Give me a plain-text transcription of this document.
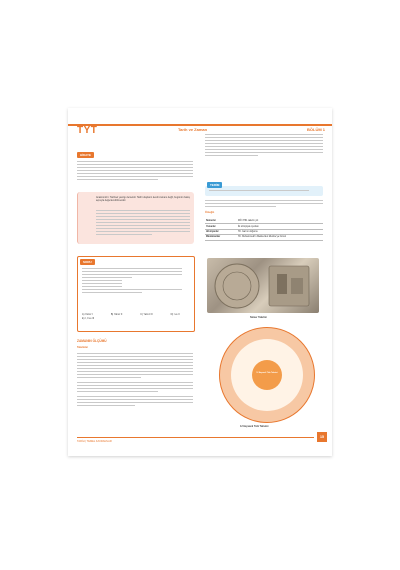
TYT	Tarih ve Zaman	BÖLÜM 1
HİKAYE
Anakronizm: Tarihsel yanılgı demektir. Tarihi olayların kendi zamanı değil, bugünün bakış açısıyla değerlendirilmesidir.
SORU
A) Yalnız I	B) Yalnız II	C) Yalnız III	D) I ve II
E) I, II ve III
ZAMANIN ÖLÇÜMÜ
Takvimler
TERİM
Örneğin
Sümerler	MÖ 3761 takvim yılı
Yunanlar	İlk olimpiyat oyunları
Hristiyanlar	Hz. İsa'nın doğumu
Müslümanlar	Hz. Muhammed'in Mekke'den Medine'ye hicreti
Sümer Takvimi
12 Hayvanlı Türk Takvimi
12 Hayvanlı Türk Takvimi
TARİH | TEMEL KAVRAMLAR
15
